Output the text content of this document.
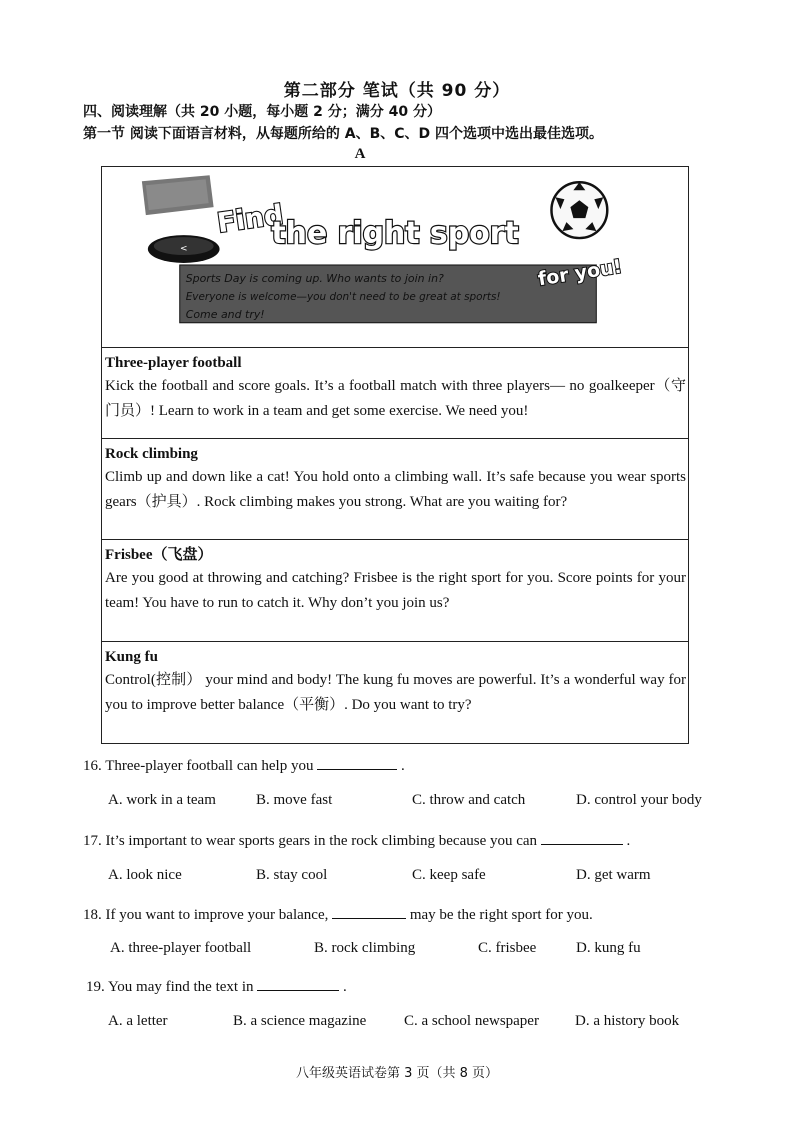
第二部分 笔试（共 90 分）
四、阅读理解（共 20 小题，每小题 2 分；满分 40 分）
第一节 阅读下面语言材料，从每题所给的 A、B、C、D 四个选项中选出最佳选项。
A
<
Find
the right sport
Sports Day is coming up. Who wants to join in?
Everyone is welcome—you don't need to be great at sports!
Come and try!
for you!
Three-player football

Kick the football and score goals. It’s a football match with three players— no goalkeeper（守门员）! Learn to work in a team and get some exercise. We need you!

Rock climbing

Climb up and down like a cat! You hold onto a climbing wall. It’s safe because you wear sports gears（护具）. Rock climbing makes you strong. What are you waiting for?

Frisbee（飞盘）

Are you good at throwing and catching? Frisbee is the right sport for you. Score points for your team! You have to run to catch it. Why don’t you join us?

Kung fu

Control(控制） your mind and body! The kung fu moves are powerful. It’s a wonderful way for you to improve better balance（平衡）. Do you want to try?

16. Three-player football can help you	.
A. work in a team	B. move fast	C. throw and catch	D. control your body
17. It’s important to wear sports gears in the rock climbing because you can	.
A. look nice	B. stay cool	C. keep safe	D. get warm
18. If you want to improve your balance,	may be the right sport for you.
A. three-player football	B. rock climbing	C. frisbee	D. kung fu
19. You may find the text in	.
A. a letter	B. a science magazine	C. a school newspaper D. a history book
八年级英语试卷第 3 页（共 8 页）
